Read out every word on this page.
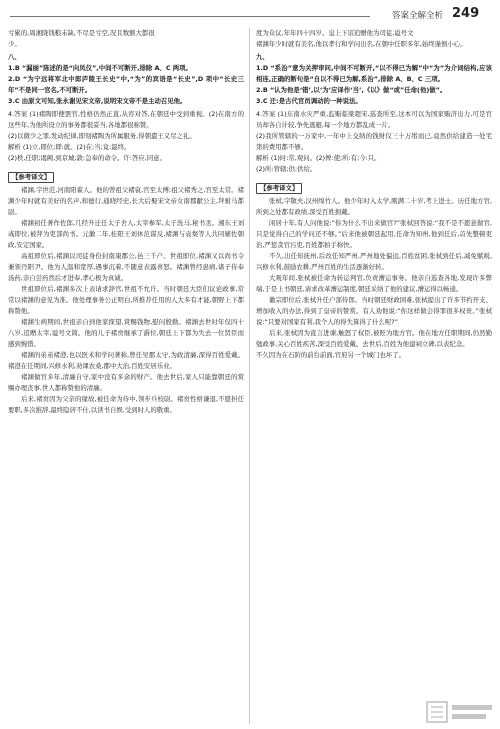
答案全解全析 249

亏累的,周湘陇钱粮未缺,不尽是亏空,况且数额大都很

少。

八、

1.B “漏丽”陈述的是“向凤仪”,中间不可断开,排除 A、C 两项。

2.D “为宁远将军北中郎庐陵王长史”中,“为”的宾语是“长史”,D 项中“长史三年”不是同一官名,不可断开。

3.C 由原文可知,张永谢见宋文帝,说明宋文帝不是主动召见他。

4.答案 (1)褚陶即便罢官,性格仍然正直,从容对答,在朝廷中受到重视。(2)在南方的这些年,为他所设立的事务都很妥当,各地都很称赞。

(2)以微少之罪,发动纪律,即刻褚陶为所属服务,得朝遣王义尽之礼。

解析 (1)立,即位;即:就。(2)在:当;竟:最终。

(2)秩,任职;谒阙,到京城;敦:急奉的命令。许:答应,同意。

【参考译文】

褚渊,字世范,河南阳翟人。他的曾祖父褚裒,官至太傅;祖父褚秀之,官至太常。褚渊少年时就有美好的名声,和德行,通晓经史,长大后娶宋文帝女南郡献公主,拜驸马都尉。

褚渊初任著作佐郎,几经升迁任太子舍人,太宰参军,太子洗马,秘书丞。湘东王刘彧即位,被拜为吏部尚书。元徽二年,桂阳王刘休范谋反,褚渊与袁粲等人共同辅佐朝政,安定国家。

高祖即位后,褚渊以司徒身份封南康郡公,邑三千户。世祖即位,褚渊又以尚书令兼领丹阳尹。他为人温和宽厚,遇事沉着,不随意表露喜怒。褚渊曾经患病,诸子侍奉汤药,亲自尝药然后才进奉,孝心极为真诚。

世祖即位后,褚渊多次上表请求辞官,世祖不允许。当时朝廷大臣们议论政事,常常以褚渊的意见为准。他处理事务公正明白,所推荐任用的人大多有才能,朝野上下都称赞他。

褚渊生病期间,世祖亲自到他家探望,赏赐钱物,慰问殷勤。褚渊去世时年仅四十八岁,追赠太宰,谥号文简。他的儿子褚贲继承了爵位,朝廷上下都为失去一位贤臣而感到惋惜。

褚渊的弟弟褚澄,也以医术和学问著称,曾任吴郡太守,为政清廉,深得百姓爱戴。褚澄在任期间,兴修水利,劝课农桑,郡中大治,百姓安居乐业。

褚渊做官多年,清廉自守,家中没有多余的财产。他去世后,家人只能靠朝廷的赏赐办理丧事,世人都称赞他的清廉。

后来,褚贲因为父亲的缘故,被任命为侍中,领步兵校尉。褚贲性格谦退,不愿担任要职,多次推辞,最终隐居不仕,以读书自娱,受到时人的敬重。

度为众议,年年四十四岁。皇上下诏追赠他为司徒,谥号文

褚渊年少时就有美名,他以孝行和学问出名,在朝中任职多年,始终谨慎小心。

九、

1.D “系治”意为关押审问,中间不可断开,“以不得已为解”中“为”为介词结构,应该相连,正确的断句是“自以不得已为解,系治”,排除 A、B、C 三项。

2.B “认为他是‘错’,以‘为’应译作‘当’,《以》做“或”任命(他)做”。

3.C 迁:是古代官员调动的一种说法。

4.答案 (1)东南水灾严重,监赈临梁超宋,巡查所至,这本可以为国家赈济出力,可是官员却各自计较,争先逃避,每一个地方都乱成一片。

(2)我所管辖的一万家中,一年中上交纳的钱财仅三十万缗而已,竟然供给建造一处宅第的费用都不够。

解析 (1)时:常,观问。(2)俾:使;所:有;今:只。

(2)所:管辖;供:供给。

【参考译文】

张栻,字敬夫,汉州绵竹人。他少年时入太学,刚满二十岁,考上进士。历任地方官,所到之处都有政绩,深受百姓拥戴。

闲居十年,有人问他说:“你为什么不出来做官?”张栻回答说:“我不是不愿意做官,只是觉得自己的学问还不够。”后来他被朝廷起用,任命为知州,他到任后,首先整顿吏治,严惩贪官污吏,百姓都拍手称快。

不久,出任知抚州,后改任知严州,严州地处偏远,百姓贫困,张栻到任后,减免赋税,兴修水利,鼓励农耕,严州百姓的生活逐渐好转。

大观年间,张栻被任命为转运判官,负责漕运事务。他亲自巡查各地,发现许多弊端,于是上书朝廷,请求改革漕运制度,朝廷采纳了他的建议,漕运得以畅通。

徽宗即位后,张栻升任户部侍郎。当时朝廷财政困难,张栻提出了许多节约开支、增加收入的办法,得到了皇帝的赞赏。有人劝他说:“你这样做会得罪很多权贵。”张栻说:“只要对国家有利,我个人的得失算得了什么呢?”

后来,张栻因为直言进谏,触怒了权臣,被贬为地方官。他在地方任职期间,仍然勤勉政事,关心百姓疾苦,深受百姓爱戴。去世后,百姓为他建祠立碑,以表纪念。

不久因为在石阶的前台前面,官府另一个城门也坏了。
